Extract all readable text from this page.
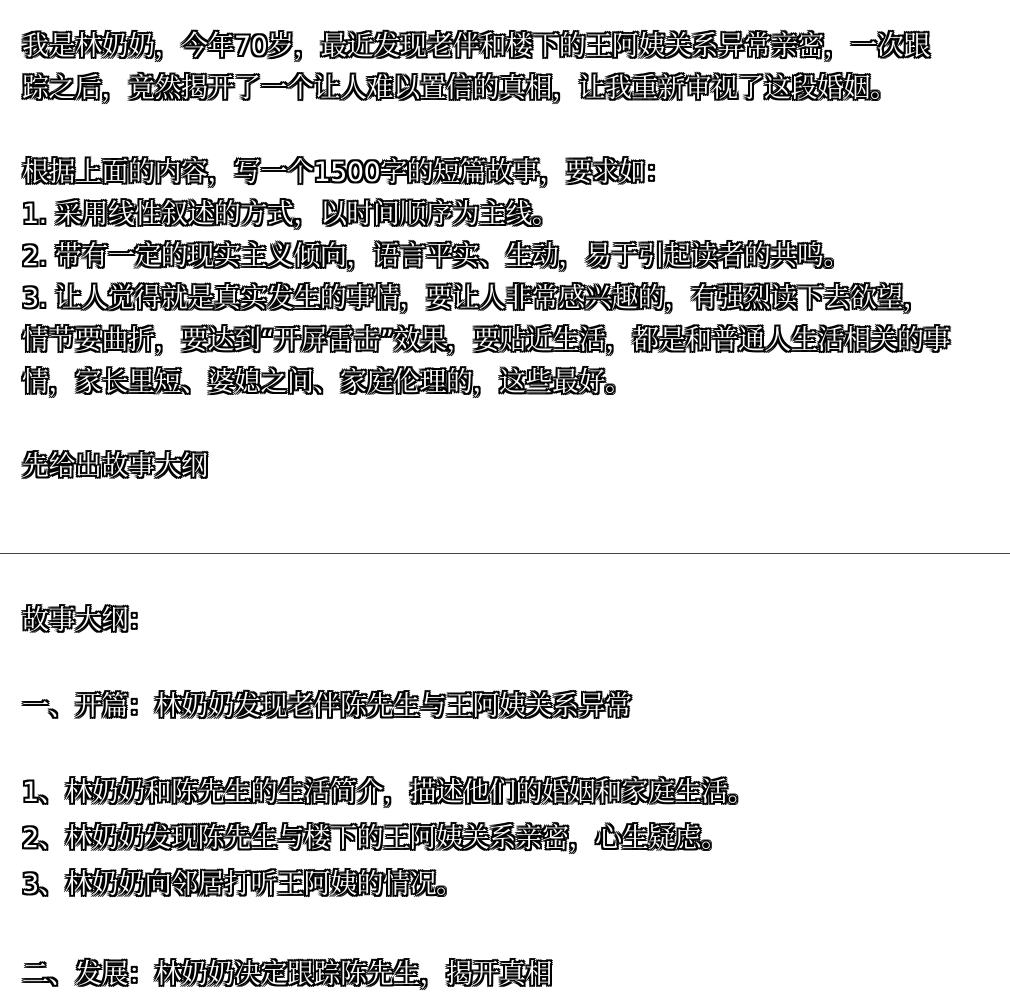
我是林奶奶，今年70岁，最近发现老伴和楼下的王阿姨关系异常亲密，一次跟
踪之后，竟然揭开了一个让人难以置信的真相，让我重新审视了这段婚姻。
根据上面的内容，写一个1500字的短篇故事，要求如：
1. 采用线性叙述的方式，以时间顺序为主线。
2. 带有一定的现实主义倾向，语言平实、生动，易于引起读者的共鸣。
3. 让人觉得就是真实发生的事情，要让人非常感兴趣的，有强烈读下去欲望，
情节要曲折，要达到“开屏雷击”效果，要贴近生活，都是和普通人生活相关的事
情，家长里短、婆媳之间、家庭伦理的，这些最好。
先给出故事大纲
故事大纲：
一、开篇：林奶奶发现老伴陈先生与王阿姨关系异常
1、林奶奶和陈先生的生活简介，描述他们的婚姻和家庭生活。
2、林奶奶发现陈先生与楼下的王阿姨关系亲密，心生疑虑。
3、林奶奶向邻居打听王阿姨的情况。
二、发展：林奶奶决定跟踪陈先生，揭开真相
